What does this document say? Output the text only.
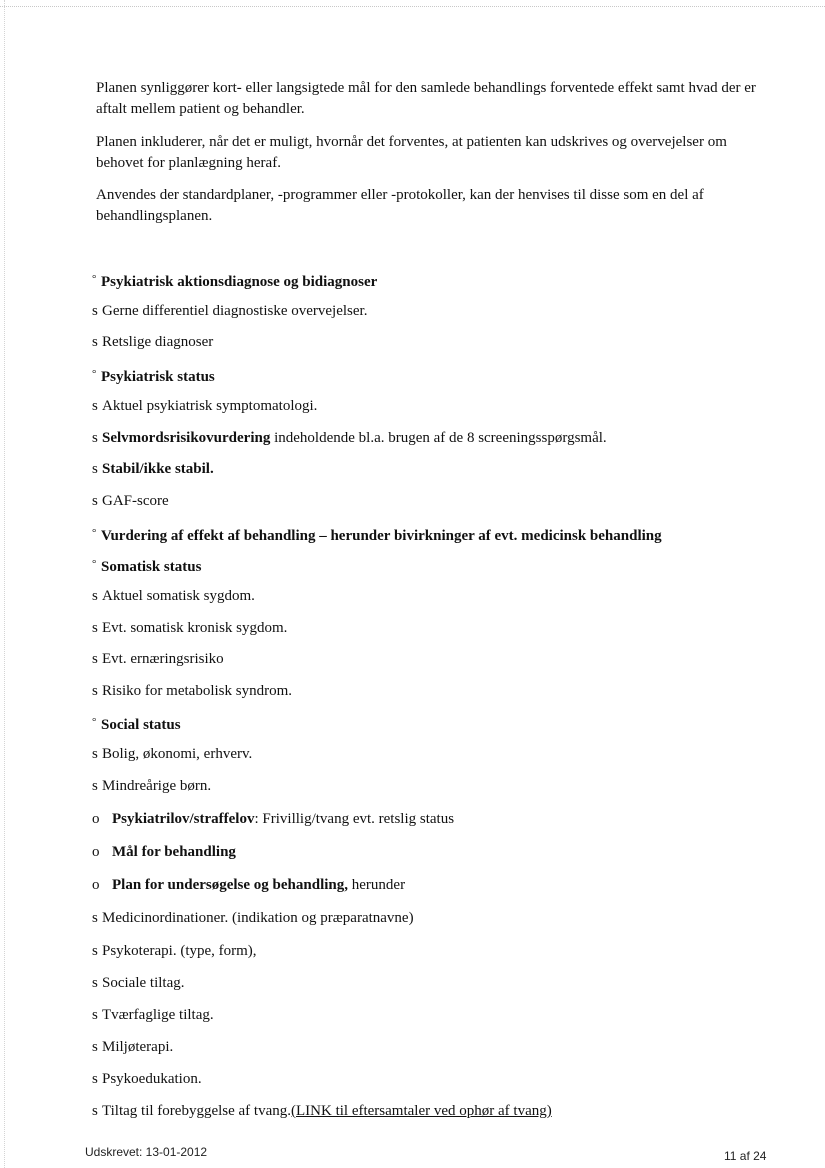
Planen synliggører kort- eller langsigtede mål for den samlede behandlings forventede effekt samt hvad der er aftalt mellem patient og behandler.

Planen inkluderer, når det er muligt, hvornår det forventes, at patienten kan udskrives og overvejelser om behovet for planlægning heraf.

Anvendes der standardplaner, -programmer eller -protokoller, kan der henvises til disse som en del af behandlingsplanen.

° Psykiatrisk aktionsdiagnose og bidiagnoser
s Gerne differentiel diagnostiske overvejelser.
s Retslige diagnoser
° Psykiatrisk status
s Aktuel psykiatrisk symptomatologi.
s Selvmordsrisikovurdering indeholdende bl.a. brugen af de 8 screeningsspørgsmål.
s Stabil/ikke stabil.
s GAF-score
° Vurdering af effekt af behandling – herunder bivirkninger af evt. medicinsk behandling
° Somatisk status
s Aktuel somatisk sygdom.
s Evt. somatisk kronisk sygdom.
s Evt. ernæringsrisiko
s Risiko for metabolisk syndrom.
° Social status
s Bolig, økonomi, erhverv.
s Mindreårige børn.
o Psykiatrilov/straffelov: Frivillig/tvang evt. retslig status
o Mål for behandling
o Plan for undersøgelse og behandling, herunder
s Medicinordinationer. (indikation og præparatnavne)
s Psykoterapi. (type, form),
s Sociale tiltag.
s Tværfaglige tiltag.
s Miljøterapi.
s Psykoedukation.
s Tiltag til forebyggelse af tvang.(LINK til eftersamtaler ved ophør af tvang)
Udskrevet: 13-01-2012	11 af 24
